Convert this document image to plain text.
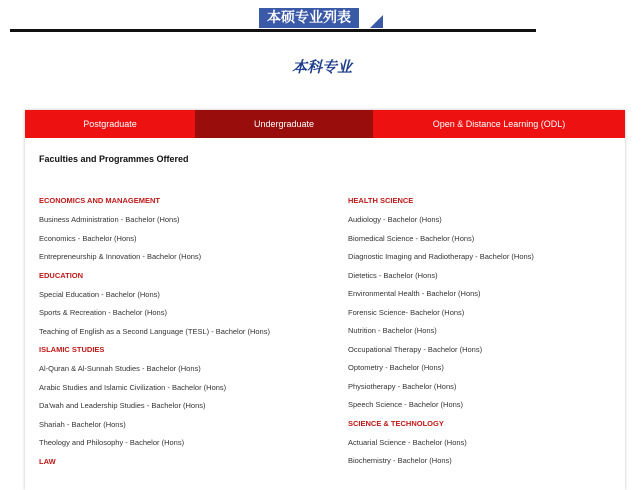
本硕专业列表
本科专业
Postgraduate	Undergraduate	Open & Distance Learning (ODL)
Faculties and Programmes Offered
ECONOMICS AND MANAGEMENT
Business Administration - Bachelor (Hons)
Economics - Bachelor (Hons)
Entrepreneurship & Innovation - Bachelor (Hons)
EDUCATION
Special Education - Bachelor (Hons)
Sports & Recreation - Bachelor (Hons)
Teaching of English as a Second Language (TESL) - Bachelor (Hons)
ISLAMIC STUDIES
Al-Quran & Al-Sunnah Studies - Bachelor (Hons)
Arabic Studies and Islamic Civilization - Bachelor (Hons)
Da'wah and Leadership Studies - Bachelor (Hons)
Shariah - Bachelor (Hons)
Theology and Philosophy - Bachelor (Hons)
LAW
HEALTH SCIENCE
Audiology - Bachelor (Hons)
Biomedical Science - Bachelor (Hons)
Diagnostic Imaging and Radiotherapy - Bachelor (Hons)
Dietetics - Bachelor (Hons)
Environmental Health - Bachelor (Hons)
Forensic Science- Bachelor (Hons)
Nutrition - Bachelor (Hons)
Occupational Therapy - Bachelor (Hons)
Optometry - Bachelor (Hons)
Physiotherapy - Bachelor (Hons)
Speech Science - Bachelor (Hons)
SCIENCE & TECHNOLOGY
Actuarial Science - Bachelor (Hons)
Biochemistry - Bachelor (Hons)
